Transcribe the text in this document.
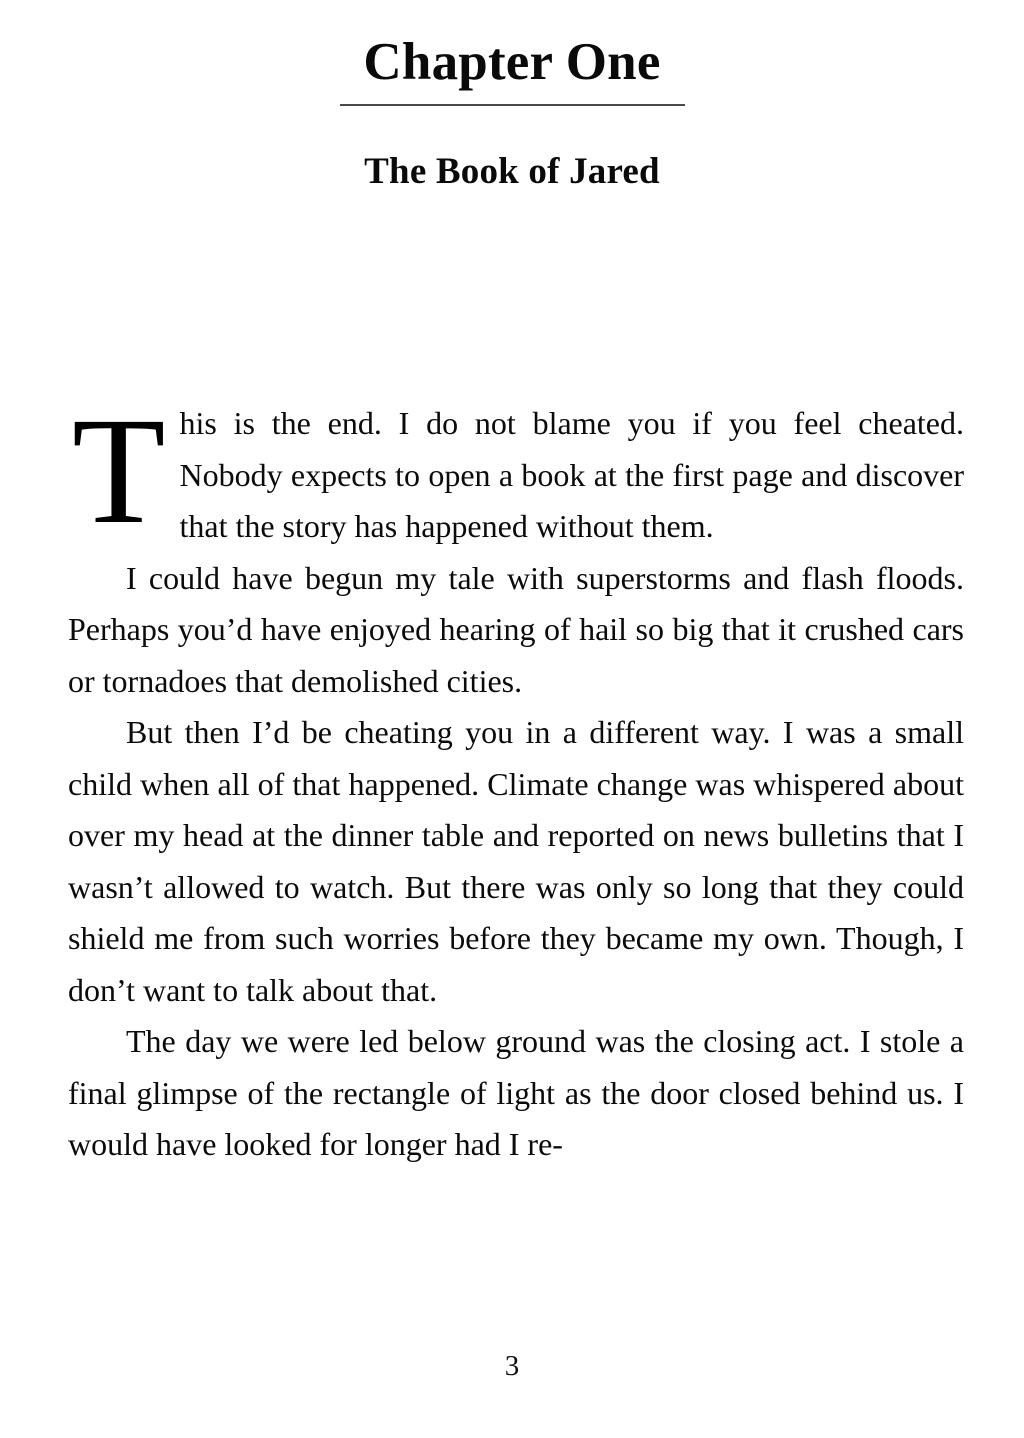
Chapter One
The Book of Jared

This is the end. I do not blame you if you feel cheated. Nobody expects to open a book at the first page and discover that the story has happened without them.

I could have begun my tale with superstorms and flash floods. Perhaps you’d have enjoyed hearing of hail so big that it crushed cars or tornadoes that demolished cities.

But then I’d be cheating you in a different way. I was a small child when all of that happened. Climate change was whispered about over my head at the dinner table and reported on news bulletins that I wasn’t allowed to watch. But there was only so long that they could shield me from such worries before they became my own. Though, I don’t want to talk about that.

The day we were led below ground was the closing act. I stole a final glimpse of the rectangle of light as the door closed behind us. I would have looked for longer had I re-

3
